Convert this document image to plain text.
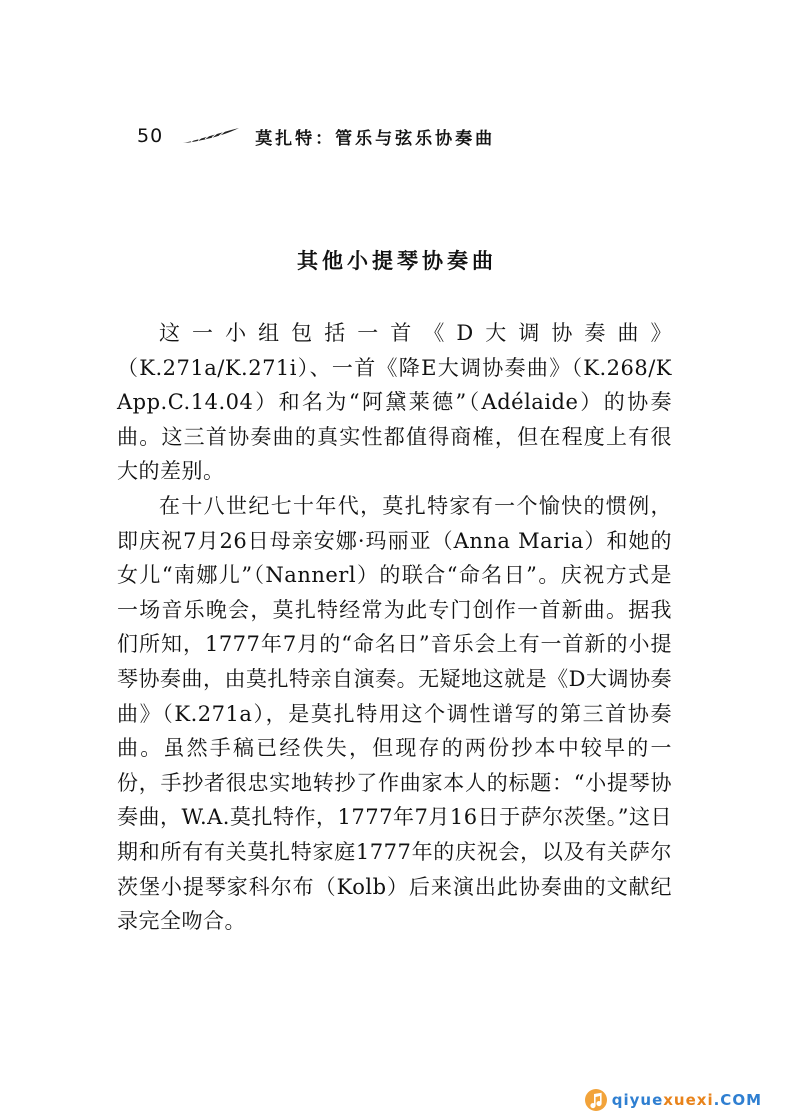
50	莫扎特：管乐与弦乐协奏曲
其他小提琴协奏曲

这一小组包括一首《D大调协奏曲》（K.271a/K.271i）、一首《降E大调协奏曲》（K.268/K App.C.14.04）和名为“阿黛莱德”（Adélaide）的协奏曲。这三首协奏曲的真实性都值得商榷，但在程度上有很大的差别。

在十八世纪七十年代，莫扎特家有一个愉快的惯例，即庆祝7月26日母亲安娜·玛丽亚（Anna Maria）和她的女儿“南娜儿”（Nannerl）的联合“命名日”。庆祝方式是一场音乐晚会，莫扎特经常为此专门创作一首新曲。据我们所知，1777年7月的“命名日”音乐会上有一首新的小提琴协奏曲，由莫扎特亲自演奏。无疑地这就是《D大调协奏曲》（K.271a），是莫扎特用这个调性谱写的第三首协奏曲。虽然手稿已经佚失，但现存的两份抄本中较早的一份，手抄者很忠实地转抄了作曲家本人的标题：“小提琴协奏曲，W.A.莫扎特作，1777年7月16日于萨尔茨堡。”这日期和所有有关莫扎特家庭1777年的庆祝会，以及有关萨尔茨堡小提琴家科尔布（Kolb）后来演出此协奏曲的文献纪录完全吻合。

qiyuexuexi.COM
